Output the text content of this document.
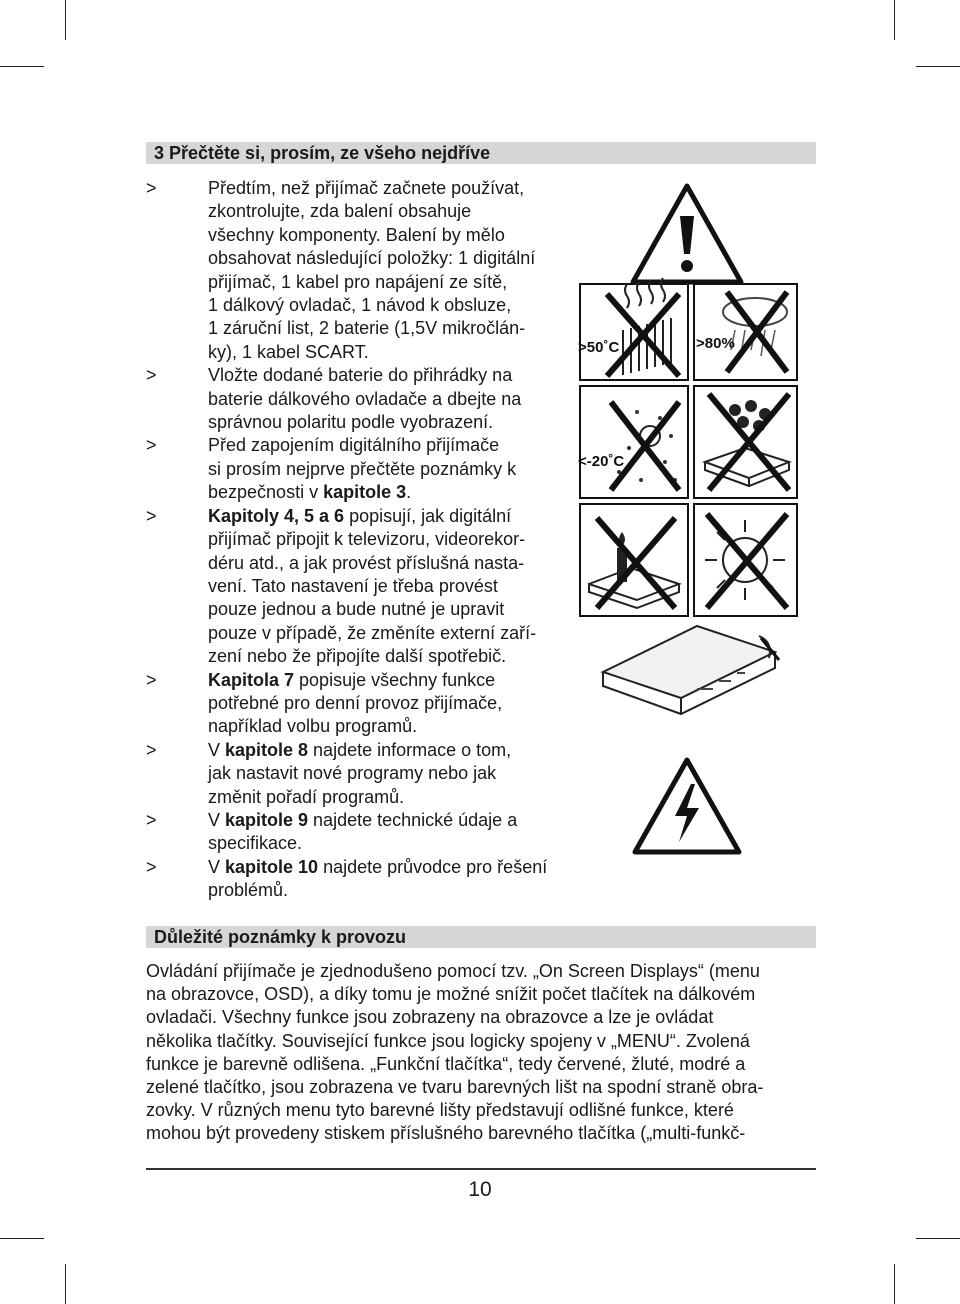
3 Přečtěte si, prosím, ze všeho nejdříve
>	Předtím, než přijímač začnete používat,
zkontrolujte, zda balení obsahuje
všechny komponenty. Balení by mělo
obsahovat následující položky: 1 digitální
přijímač, 1 kabel pro napájení ze sítě,
1 dálkový ovladač, 1 návod k obsluze,
1 záruční list, 2 baterie (1,5V mikročlán-
ky), 1 kabel SCART.
>	Vložte dodané baterie do přihrádky na
baterie dálkového ovladače a dbejte na
správnou polaritu podle vyobrazení.
>	Před zapojením digitálního přijímače
si prosím nejprve přečtěte poznámky k
bezpečnosti v kapitole 3.
>	Kapitoly 4, 5 a 6 popisují, jak digitální
přijímač připojit k televizoru, videorekor-
déru atd., a jak provést příslušná nasta-
vení. Tato nastavení je třeba provést
pouze jednou a bude nutné je upravit
pouze v případě, že změníte externí zaří-
zení nebo že připojíte další spotřebič.
>	Kapitola 7 popisuje všechny funkce
potřebné pro denní provoz přijímače,
například volbu programů.
>	V kapitole 8 najdete informace o tom,
jak nastavit nové programy nebo jak
změnit pořadí programů.
>	V kapitole 9 najdete technické údaje a
specifikace.
>	V kapitole 10 najdete průvodce pro řešení
problémů.
>50˚C	>80%
<-20˚C
Důležité poznámky k provozu
Ovládání přijímače je zjednodušeno pomocí tzv. „On Screen Displays“ (menu
na obrazovce, OSD), a díky tomu je možné snížit počet tlačítek na dálkovém
ovladači. Všechny funkce jsou zobrazeny na obrazovce a lze je ovládat
několika tlačítky. Související funkce jsou logicky spojeny v „MENU“. Zvolená
funkce je barevně odlišena. „Funkční tlačítka“, tedy červené, žluté, modré a
zelené tlačítko, jsou zobrazena ve tvaru barevných lišt na spodní straně obra-
zovky. V různých menu tyto barevné lišty představují odlišné funkce, které
mohou být provedeny stiskem příslušného barevného tlačítka („multi-funkč-
10
